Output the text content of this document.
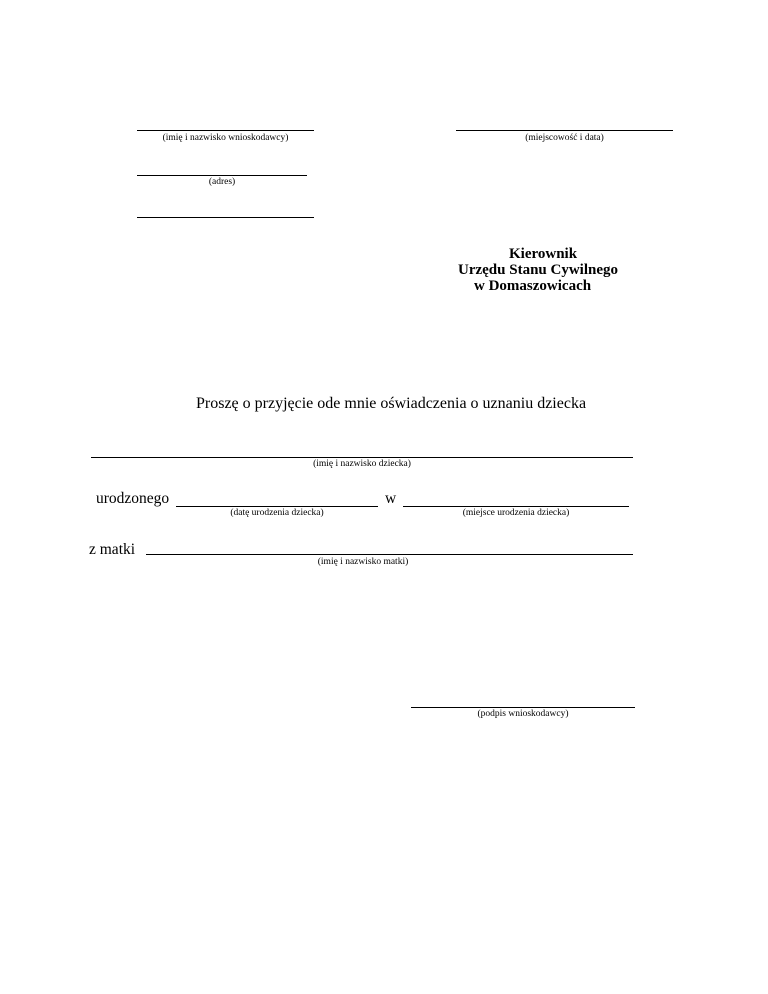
(imię i nazwisko wnioskodawcy)	(miejscowość i data)
(adres)
Kierownik
Urzędu Stanu Cywilnego
w Domaszowicach
Proszę o przyjęcie ode mnie oświadczenia o uznaniu dziecka
(imię i nazwisko dziecka)
urodzonego
(datę urodzenia dziecka)
w
(miejsce urodzenia dziecka)
z matki
(imię i nazwisko matki)
(podpis wnioskodawcy)
